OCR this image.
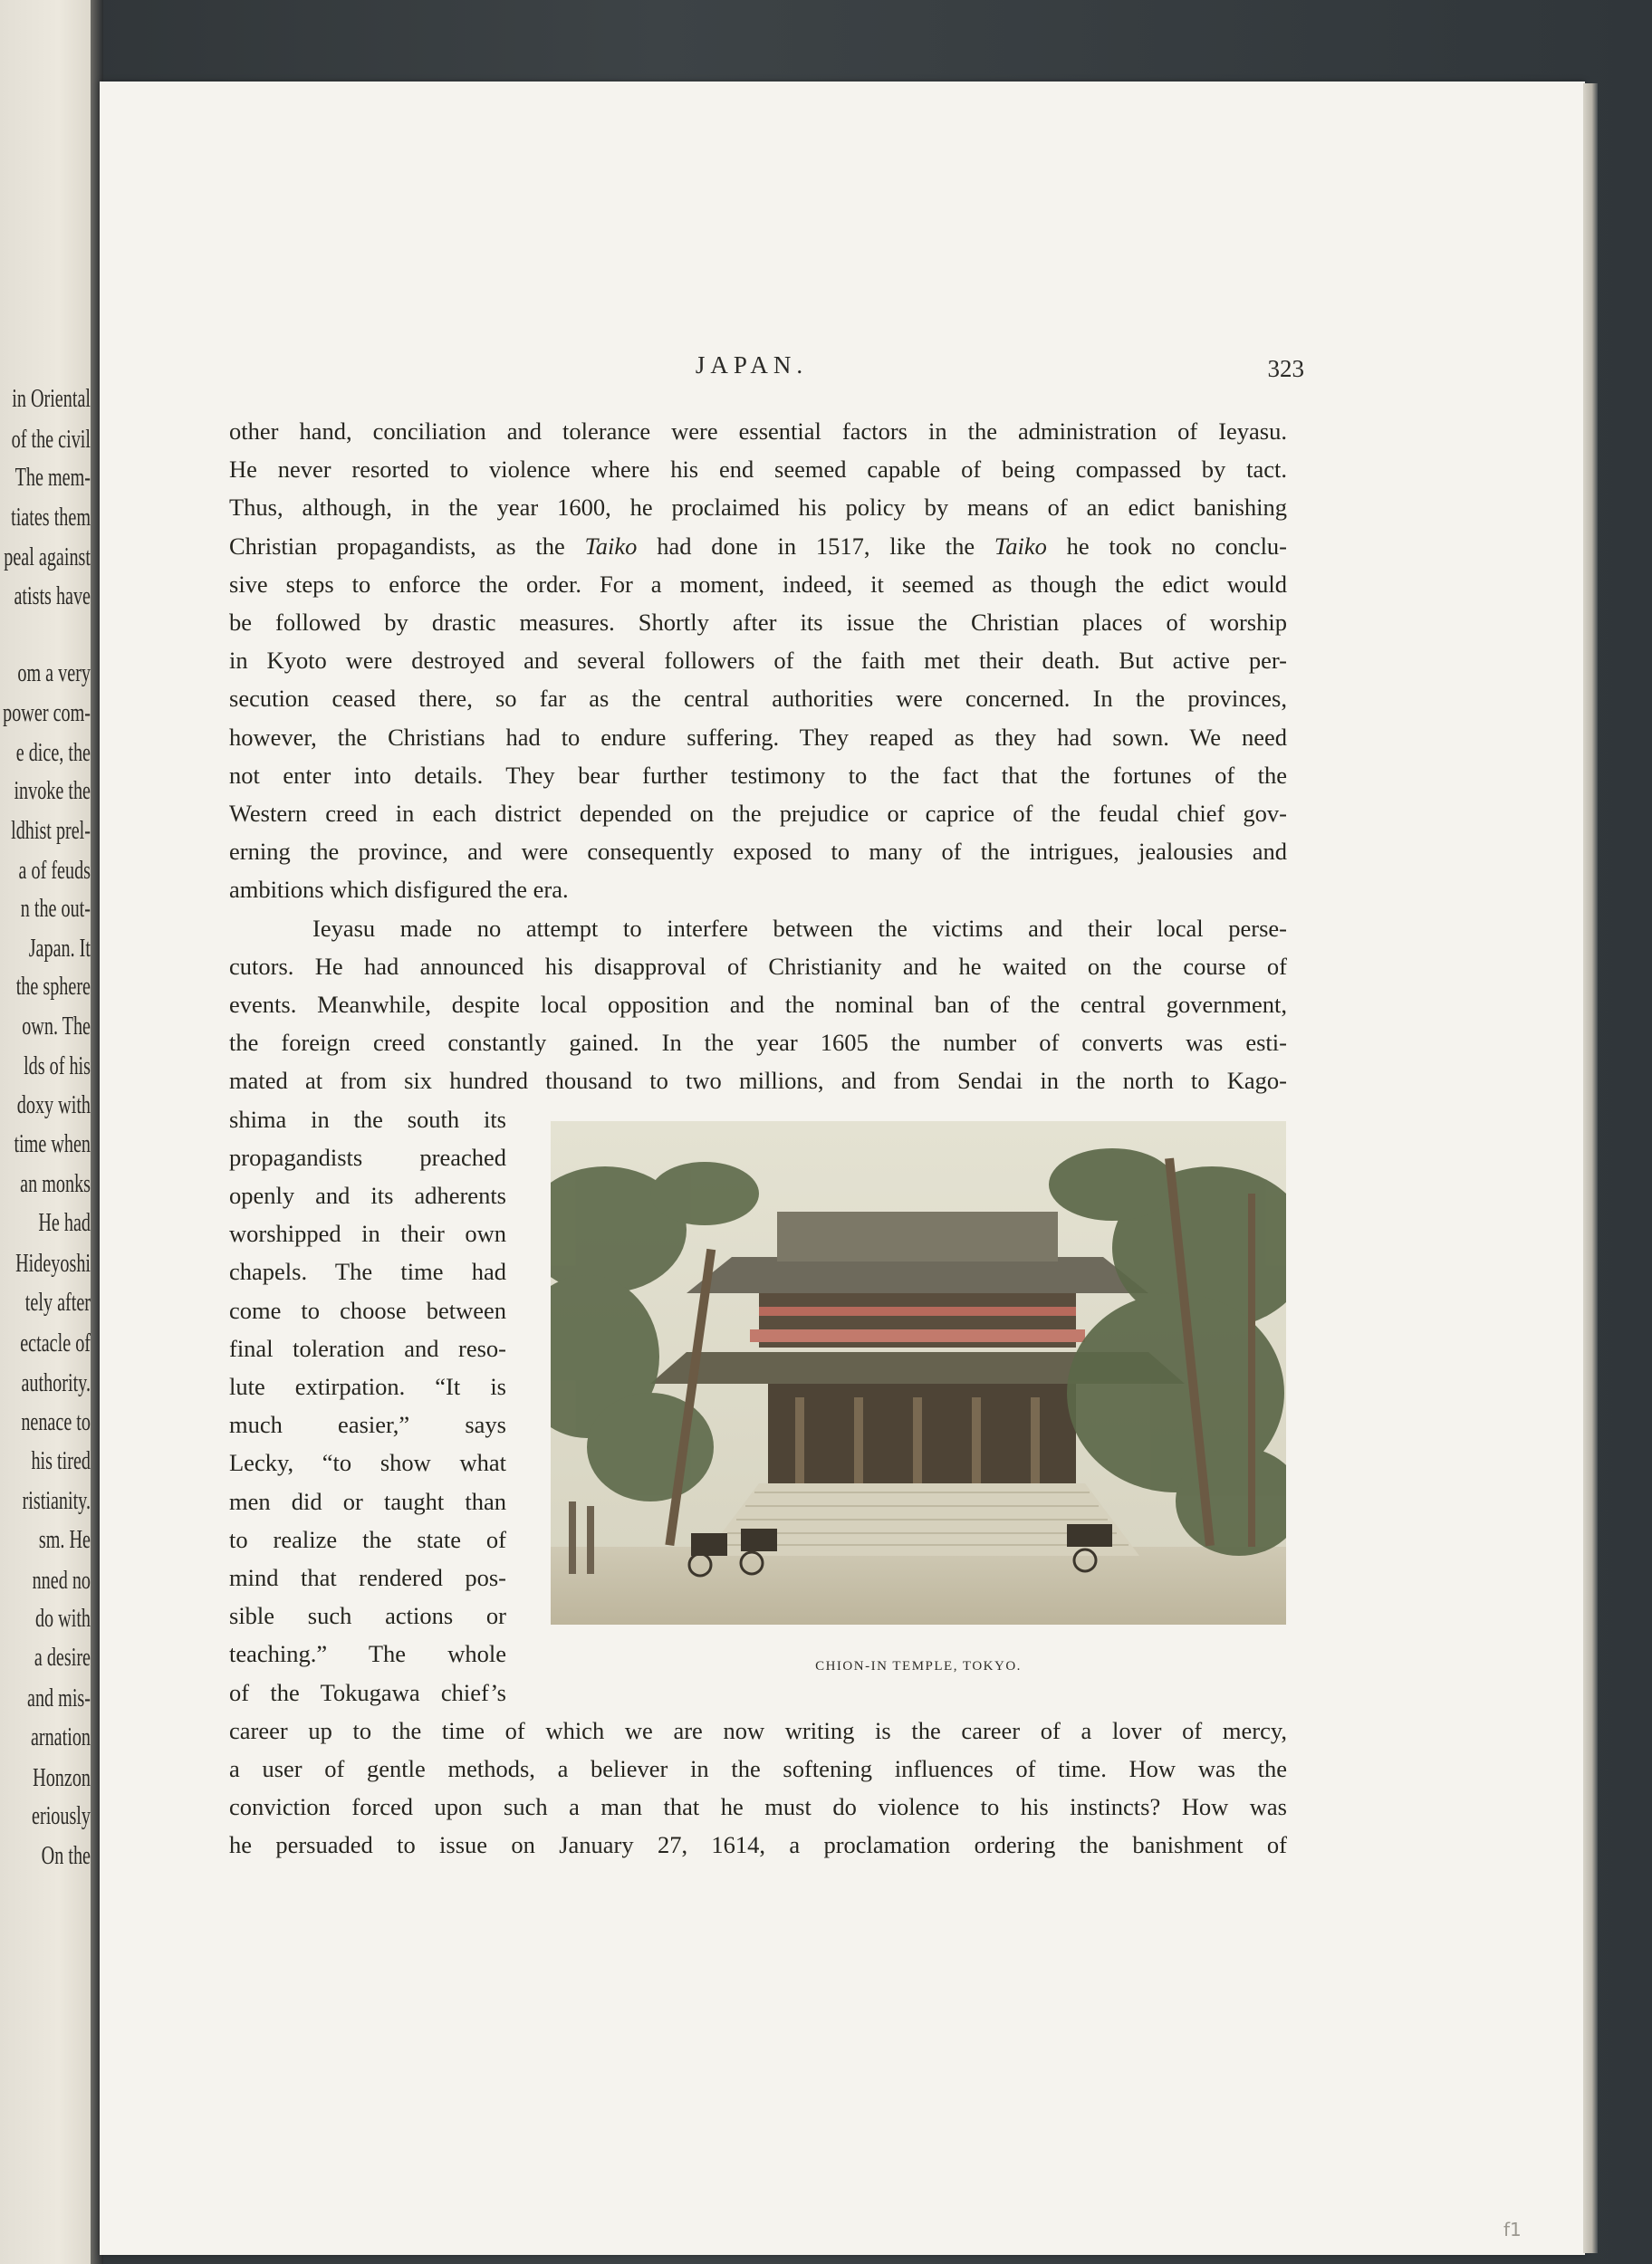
in Oriental
of the civil
The mem-
tiates them
peal against
atists have
om a very
power com-
e dice, the
invoke the
ldhist prel-
a of feuds
n the out-
Japan. It
the sphere
own. The
lds of his
doxy with
time when
an monks
He had
Hideyoshi
tely after
ectacle of
authority.
nenace to
his tired
ristianity.
sm. He
nned no
do with
a desire
and mis-
arnation
Honzon
eriously
On the
JAPAN.	323
other hand, conciliation and tolerance were essential factors in the administration of Ieyasu.
He never resorted to violence where his end seemed capable of being compassed by tact.
Thus, although, in the year 1600, he proclaimed his policy by means of an edict banishing
Christian propagandists, as the Taiko had done in 1517, like the Taiko he took no conclu-
sive steps to enforce the order. For a moment, indeed, it seemed as though the edict would
be followed by drastic measures. Shortly after its issue the Christian places of worship
in Kyoto were destroyed and several followers of the faith met their death. But active per-
secution ceased there, so far as the central authorities were concerned. In the provinces,
however, the Christians had to endure suffering. They reaped as they had sown. We need
not enter into details. They bear further testimony to the fact that the fortunes of the
Western creed in each district depended on the prejudice or caprice of the feudal chief gov-
erning the province, and were consequently exposed to many of the intrigues, jealousies and
ambitions which disfigured the era.
Ieyasu made no attempt to interfere between the victims and their local perse-
cutors. He had announced his disapproval of Christianity and he waited on the course of
events. Meanwhile, despite local opposition and the nominal ban of the central government,
the foreign creed constantly gained. In the year 1605 the number of converts was esti-
mated at from six hundred thousand to two millions, and from Sendai in the north to Kago-
shima in the south its
propagandists preached
openly and its adherents
worshipped in their own
chapels. The time had
come to choose between
final toleration and reso-
lute extirpation. “It is
much easier,” says
Lecky, “to show what
men did or taught than
to realize the state of
mind that rendered pos-
sible such actions or
teaching.” The whole
of the Tokugawa chief’s
career up to the time of which we are now writing is the career of a lover of mercy,
a user of gentle methods, a believer in the softening influences of time. How was the
conviction forced upon such a man that he must do violence to his instincts? How was
he persuaded to issue on January 27, 1614, a proclamation ordering the banishment of
CHION-IN TEMPLE, TOKYO.
f1
